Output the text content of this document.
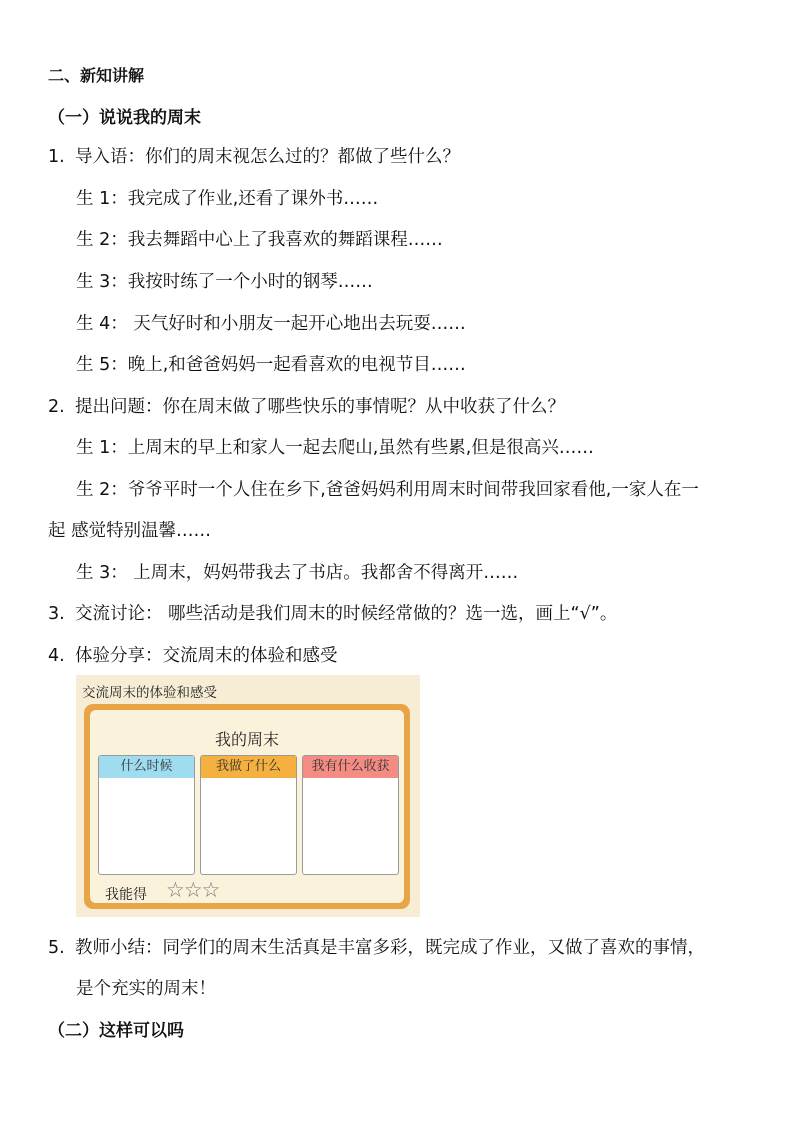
二、新知讲解
（一）说说我的周末
1. 导入语：你们的周末视怎么过的？都做了些什么？
生 1：我完成了作业,还看了课外书……
生 2：我去舞蹈中心上了我喜欢的舞蹈课程……
生 3：我按时练了一个小时的钢琴……
生 4： 天气好时和小朋友一起开心地出去玩耍……
生 5：晚上,和爸爸妈妈一起看喜欢的电视节目……
2. 提出问题：你在周末做了哪些快乐的事情呢？从中收获了什么？
生 1：上周末的早上和家人一起去爬山,虽然有些累,但是很高兴……
生 2：爷爷平时一个人住在乡下,爸爸妈妈利用周末时间带我回家看他,一家人在一
起 感觉特别温馨……
生 3： 上周末，妈妈带我去了书店。我都舍不得离开……
3. 交流讨论： 哪些活动是我们周末的时候经常做的？选一选，画上“√”。
4. 体验分享：交流周末的体验和感受
交流周末的体验和感受
我的周末
什么时候	我做了什么	我有什么收获
我能得 ☆☆☆
5. 教师小结：同学们的周末生活真是丰富多彩，既完成了作业，又做了喜欢的事情，
是个充实的周末！
（二）这样可以吗
